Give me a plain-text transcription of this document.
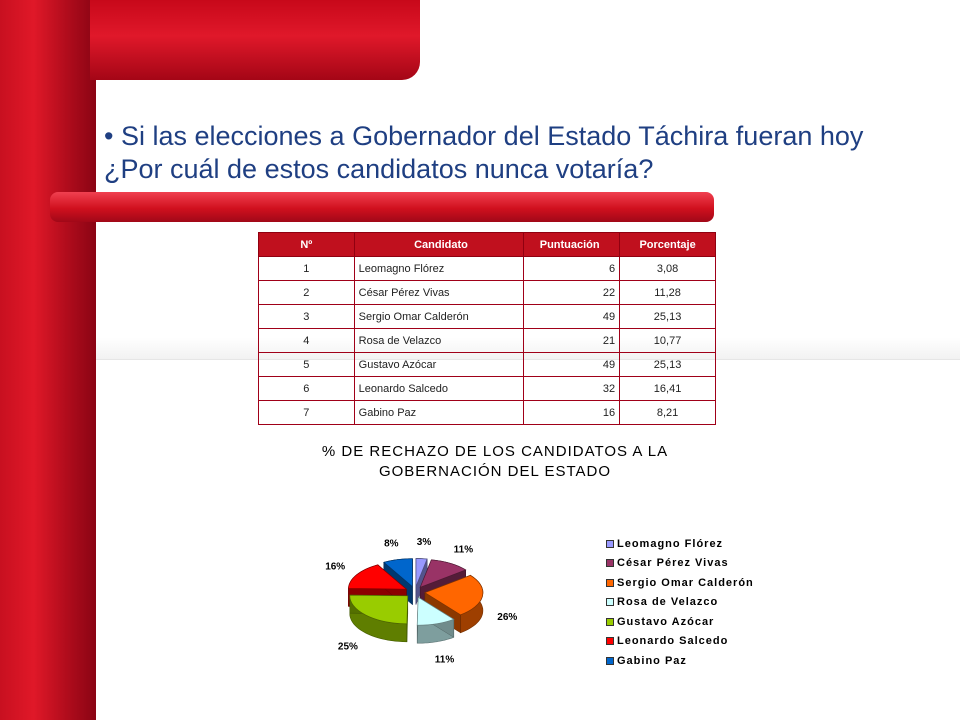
• Si las elecciones a Gobernador del Estado Táchira fueran hoy ¿Por cuál de estos candidatos nunca votaría?
Nº	Candidato	Puntuación	Porcentaje
1	Leomagno Flórez	6	3,08
2	César Pérez Vivas	22	11,28
3	Sergio Omar Calderón	49	25,13
4	Rosa de Velazco	21	10,77
5	Gustavo Azócar	49	25,13
6	Leonardo Salcedo	32	16,41
7	Gabino Paz	16	8,21
% DE RECHAZO DE LOS CANDIDATOS A LA
GOBERNACIÓN DEL ESTADO
3%
11%
26%
11%
25%
16%
8%	Leomagno Flórez
César Pérez Vivas
Sergio Omar Calderón
Rosa de Velazco
Gustavo Azócar
Leonardo Salcedo
Gabino Paz
